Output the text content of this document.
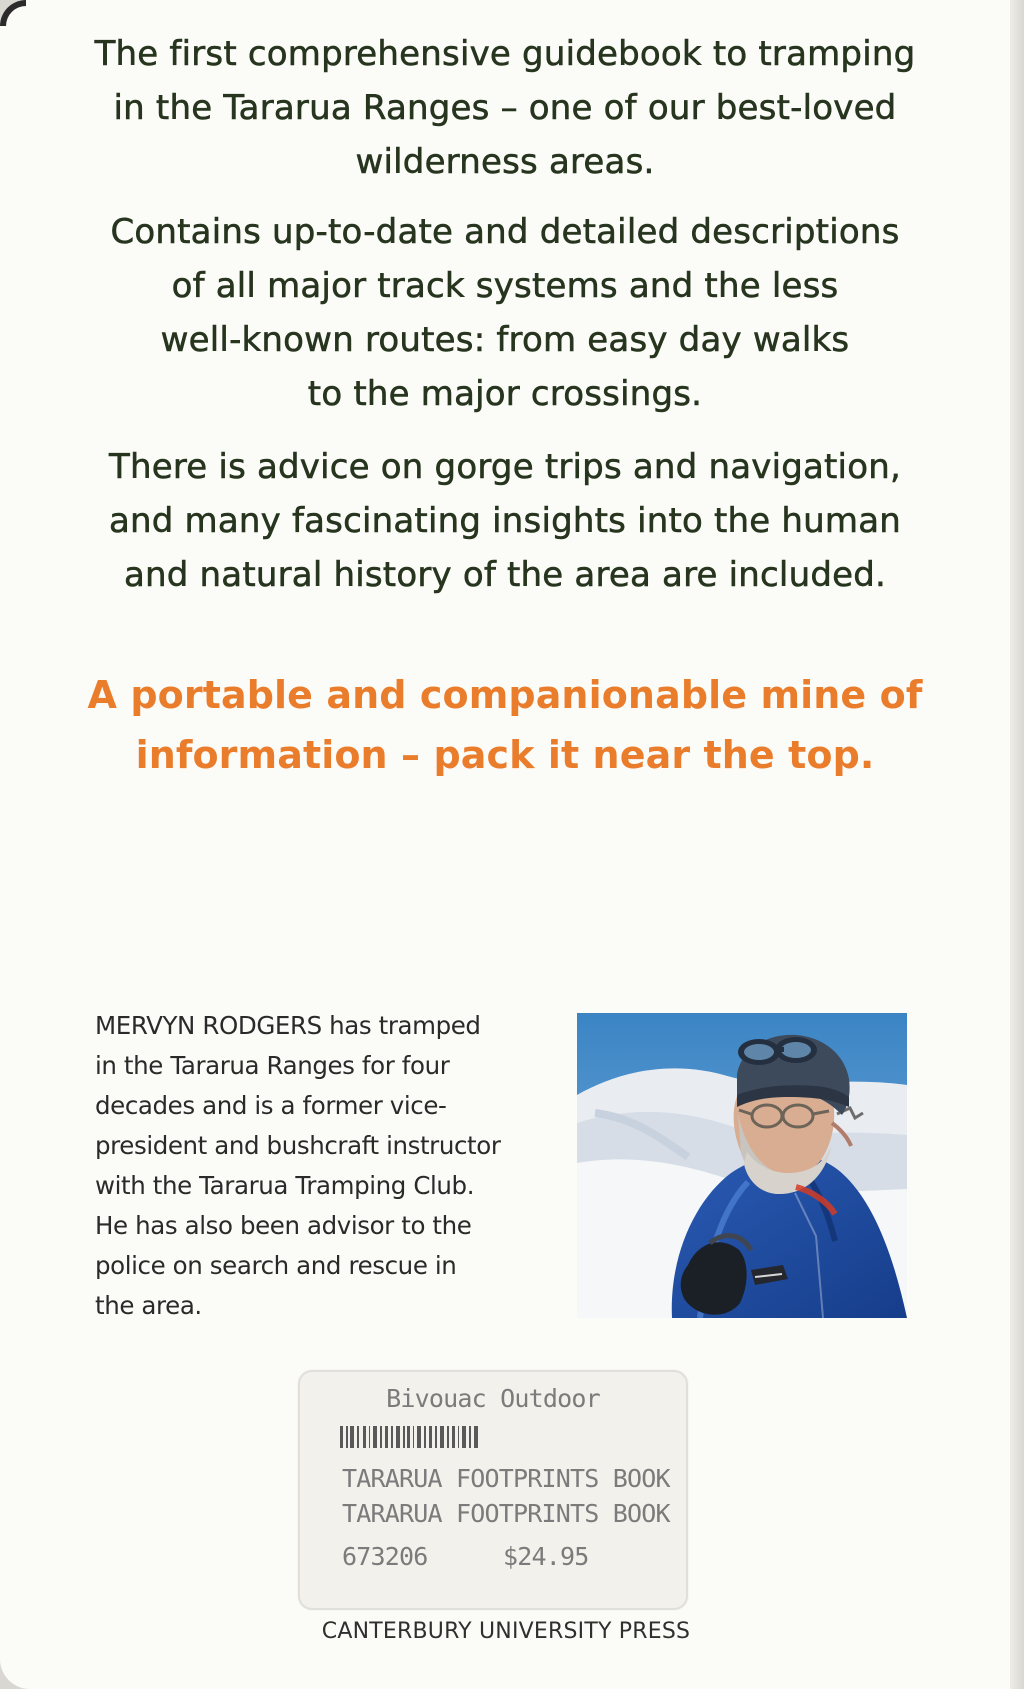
The first comprehensive guidebook to tramping
in the Tararua Ranges – one of our best-loved
wilderness areas.

Contains up-to-date and detailed descriptions
of all major track systems and the less
well-known routes: from easy day walks
to the major crossings.

There is advice on gorge trips and navigation,
and many fascinating insights into the human
and natural history of the area are included.

A portable and companionable mine of
information – pack it near the top.

MERVYN RODGERS has tramped
in the Tararua Ranges for four
decades and is a former vice-
president and bushcraft instructor
with the Tararua Tramping Club.
He has also been advisor to the
police on search and rescue in
the area.

Bivouac Outdoor

TARARUA FOOTPRINTS BOOK

TARARUA FOOTPRINTS BOOK

673206	$24.95

CANTERBURY UNIVERSITY PRESS
